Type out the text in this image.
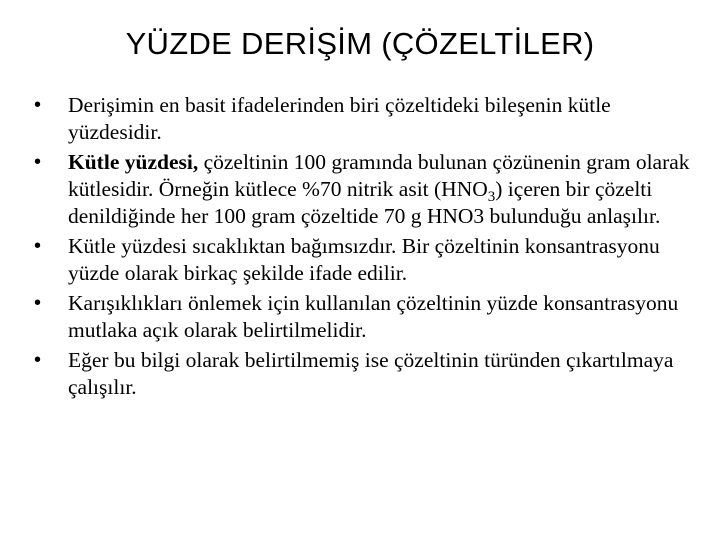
YÜZDE DERİŞİM (ÇÖZELTİLER)
•	Derişimin en basit ifadelerinden biri çözeltideki bileşenin kütle yüzdesidir.
•	Kütle yüzdesi, çözeltinin 100 gramında bulunan çözünenin gram olarak kütlesidir. Örneğin kütlece %70 nitrik asit $(HNO_3)$ içeren bir çözelti denildiğinde her 100 gram çözeltide 70 g HNO3 bulunduğu anlaşılır.
•	Kütle yüzdesi sıcaklıktan bağımsızdır. Bir çözeltinin konsantrasyonu yüzde olarak birkaç şekilde ifade edilir.
•	Karışıklıkları önlemek için kullanılan çözeltinin yüzde konsantrasyonu mutlaka açık olarak belirtilmelidir.
•	Eğer bu bilgi olarak belirtilmemiş ise çözeltinin türünden çıkartılmaya çalışılır.
